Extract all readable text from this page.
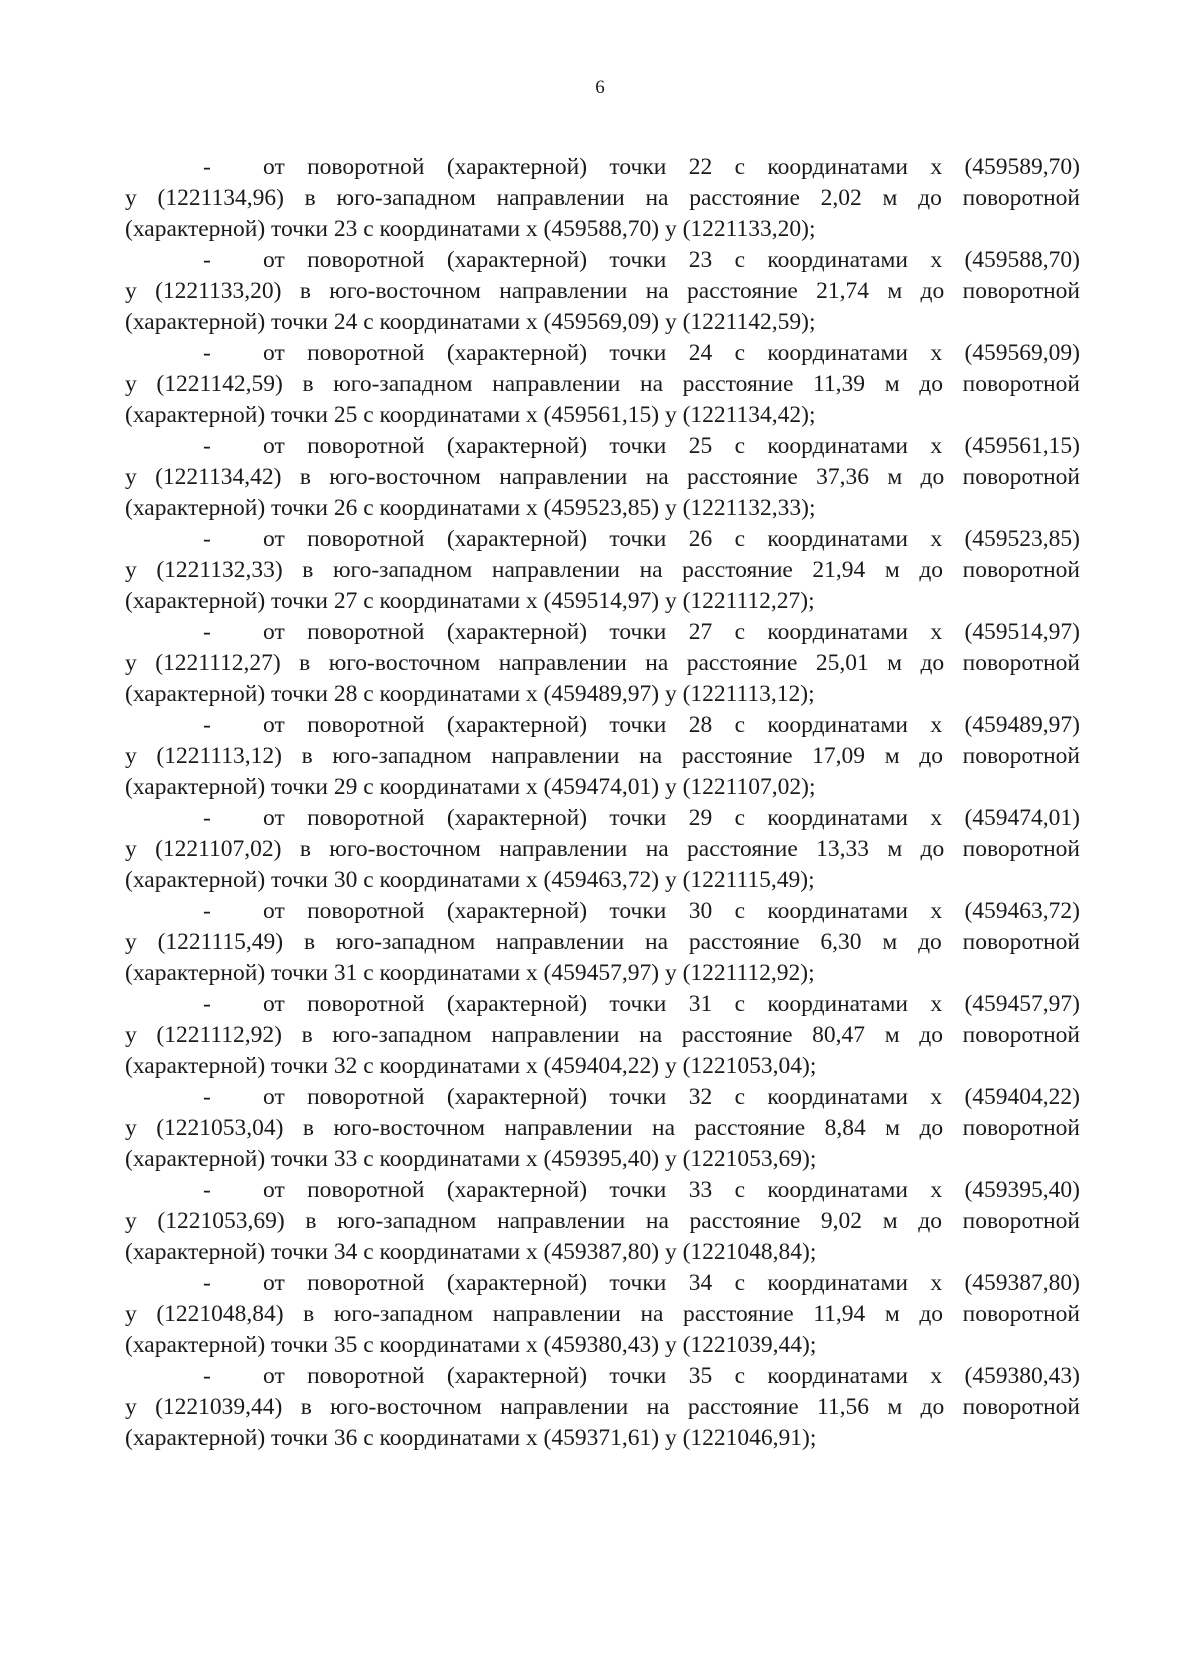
6
- от поворотной (характерной) точки 22 с координатами х (459589,70)
у (1221134,96) в юго-западном направлении на расстояние 2,02 м до поворотной
(характерной) точки 23 с координатами х (459588,70) у (1221133,20);
- от поворотной (характерной) точки 23 с координатами х (459588,70)
у (1221133,20) в юго-восточном направлении на расстояние 21,74 м до поворотной
(характерной) точки 24 с координатами х (459569,09) у (1221142,59);
- от поворотной (характерной) точки 24 с координатами х (459569,09)
у (1221142,59) в юго-западном направлении на расстояние 11,39 м до поворотной
(характерной) точки 25 с координатами х (459561,15) у (1221134,42);
- от поворотной (характерной) точки 25 с координатами х (459561,15)
у (1221134,42) в юго-восточном направлении на расстояние 37,36 м до поворотной
(характерной) точки 26 с координатами х (459523,85) у (1221132,33);
- от поворотной (характерной) точки 26 с координатами х (459523,85)
у (1221132,33) в юго-западном направлении на расстояние 21,94 м до поворотной
(характерной) точки 27 с координатами х (459514,97) у (1221112,27);
- от поворотной (характерной) точки 27 с координатами х (459514,97)
у (1221112,27) в юго-восточном направлении на расстояние 25,01 м до поворотной
(характерной) точки 28 с координатами х (459489,97) у (1221113,12);
- от поворотной (характерной) точки 28 с координатами х (459489,97)
у (1221113,12) в юго-западном направлении на расстояние 17,09 м до поворотной
(характерной) точки 29 с координатами х (459474,01) у (1221107,02);
- от поворотной (характерной) точки 29 с координатами х (459474,01)
у (1221107,02) в юго-восточном направлении на расстояние 13,33 м до поворотной
(характерной) точки 30 с координатами х (459463,72) у (1221115,49);
- от поворотной (характерной) точки 30 с координатами х (459463,72)
у (1221115,49) в юго-западном направлении на расстояние 6,30 м до поворотной
(характерной) точки 31 с координатами х (459457,97) у (1221112,92);
- от поворотной (характерной) точки 31 с координатами х (459457,97)
у (1221112,92) в юго-западном направлении на расстояние 80,47 м до поворотной
(характерной) точки 32 с координатами х (459404,22) у (1221053,04);
- от поворотной (характерной) точки 32 с координатами х (459404,22)
у (1221053,04) в юго-восточном направлении на расстояние 8,84 м до поворотной
(характерной) точки 33 с координатами х (459395,40) у (1221053,69);
- от поворотной (характерной) точки 33 с координатами х (459395,40)
у (1221053,69) в юго-западном направлении на расстояние 9,02 м до поворотной
(характерной) точки 34 с координатами х (459387,80) у (1221048,84);
- от поворотной (характерной) точки 34 с координатами х (459387,80)
у (1221048,84) в юго-западном направлении на расстояние 11,94 м до поворотной
(характерной) точки 35 с координатами х (459380,43) у (1221039,44);
- от поворотной (характерной) точки 35 с координатами х (459380,43)
у (1221039,44) в юго-восточном направлении на расстояние 11,56 м до поворотной
(характерной) точки 36 с координатами х (459371,61) у (1221046,91);
